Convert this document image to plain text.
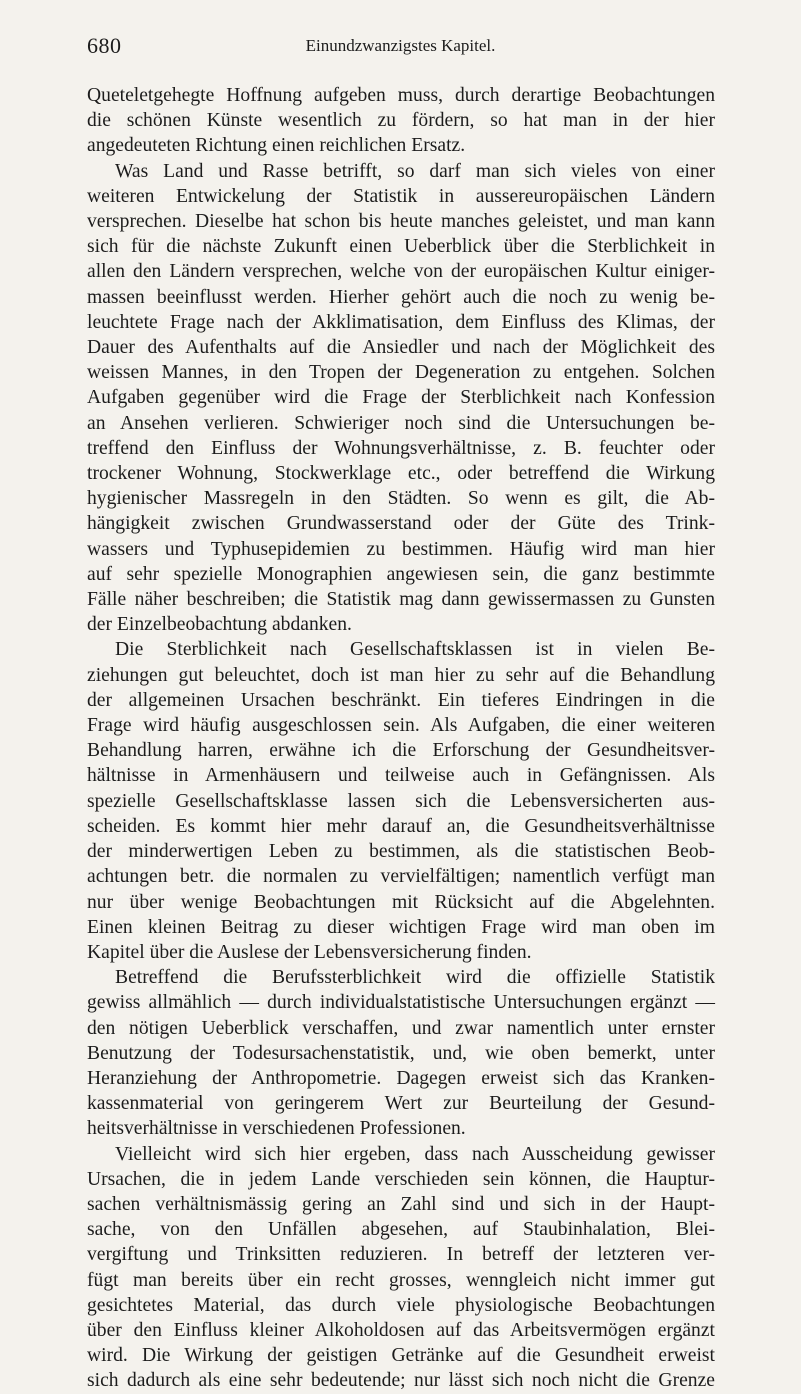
680	Einundzwanzigstes Kapitel.
Queteletgehegte Hoffnung aufgeben muss, durch derartige Beobachtungen
die schönen Künste wesentlich zu fördern, so hat man in der hier
angedeuteten Richtung einen reichlichen Ersatz.
Was Land und Rasse betrifft, so darf man sich vieles von einer
weiteren Entwickelung der Statistik in aussereuropäischen Ländern
versprechen. Dieselbe hat schon bis heute manches geleistet, und man kann
sich für die nächste Zukunft einen Ueberblick über die Sterblichkeit in
allen den Ländern versprechen, welche von der europäischen Kultur einiger-
massen beeinflusst werden. Hierher gehört auch die noch zu wenig be-
leuchtete Frage nach der Akklimatisation, dem Einfluss des Klimas, der
Dauer des Aufenthalts auf die Ansiedler und nach der Möglichkeit des
weissen Mannes, in den Tropen der Degeneration zu entgehen. Solchen
Aufgaben gegenüber wird die Frage der Sterblichkeit nach Konfession
an Ansehen verlieren. Schwieriger noch sind die Untersuchungen be-
treffend den Einfluss der Wohnungsverhältnisse, z. B. feuchter oder
trockener Wohnung, Stockwerklage etc., oder betreffend die Wirkung
hygienischer Massregeln in den Städten. So wenn es gilt, die Ab-
hängigkeit zwischen Grundwasserstand oder der Güte des Trink-
wassers und Typhusepidemien zu bestimmen. Häufig wird man hier
auf sehr spezielle Monographien angewiesen sein, die ganz bestimmte
Fälle näher beschreiben; die Statistik mag dann gewissermassen zu Gunsten
der Einzelbeobachtung abdanken.
Die Sterblichkeit nach Gesellschaftsklassen ist in vielen Be-
ziehungen gut beleuchtet, doch ist man hier zu sehr auf die Behandlung
der allgemeinen Ursachen beschränkt. Ein tieferes Eindringen in die
Frage wird häufig ausgeschlossen sein. Als Aufgaben, die einer weiteren
Behandlung harren, erwähne ich die Erforschung der Gesundheitsver-
hältnisse in Armenhäusern und teilweise auch in Gefängnissen. Als
spezielle Gesellschaftsklasse lassen sich die Lebensversicherten aus-
scheiden. Es kommt hier mehr darauf an, die Gesundheitsverhältnisse
der minderwertigen Leben zu bestimmen, als die statistischen Beob-
achtungen betr. die normalen zu vervielfältigen; namentlich verfügt man
nur über wenige Beobachtungen mit Rücksicht auf die Abgelehnten.
Einen kleinen Beitrag zu dieser wichtigen Frage wird man oben im
Kapitel über die Auslese der Lebensversicherung finden.
Betreffend die Berufssterblichkeit wird die offizielle Statistik
gewiss allmählich — durch individualstatistische Untersuchungen ergänzt —
den nötigen Ueberblick verschaffen, und zwar namentlich unter ernster
Benutzung der Todesursachenstatistik, und, wie oben bemerkt, unter
Heranziehung der Anthropometrie. Dagegen erweist sich das Kranken-
kassenmaterial von geringerem Wert zur Beurteilung der Gesund-
heitsverhältnisse in verschiedenen Professionen.
Vielleicht wird sich hier ergeben, dass nach Ausscheidung gewisser
Ursachen, die in jedem Lande verschieden sein können, die Hauptur-
sachen verhältnismässig gering an Zahl sind und sich in der Haupt-
sache, von den Unfällen abgesehen, auf Staubinhalation, Blei-
vergiftung und Trinksitten reduzieren. In betreff der letzteren ver-
fügt man bereits über ein recht grosses, wenngleich nicht immer gut
gesichtetes Material, das durch viele physiologische Beobachtungen
über den Einfluss kleiner Alkoholdosen auf das Arbeitsvermögen ergänzt
wird. Die Wirkung der geistigen Getränke auf die Gesundheit erweist
sich dadurch als eine sehr bedeutende; nur lässt sich noch nicht die Grenze
